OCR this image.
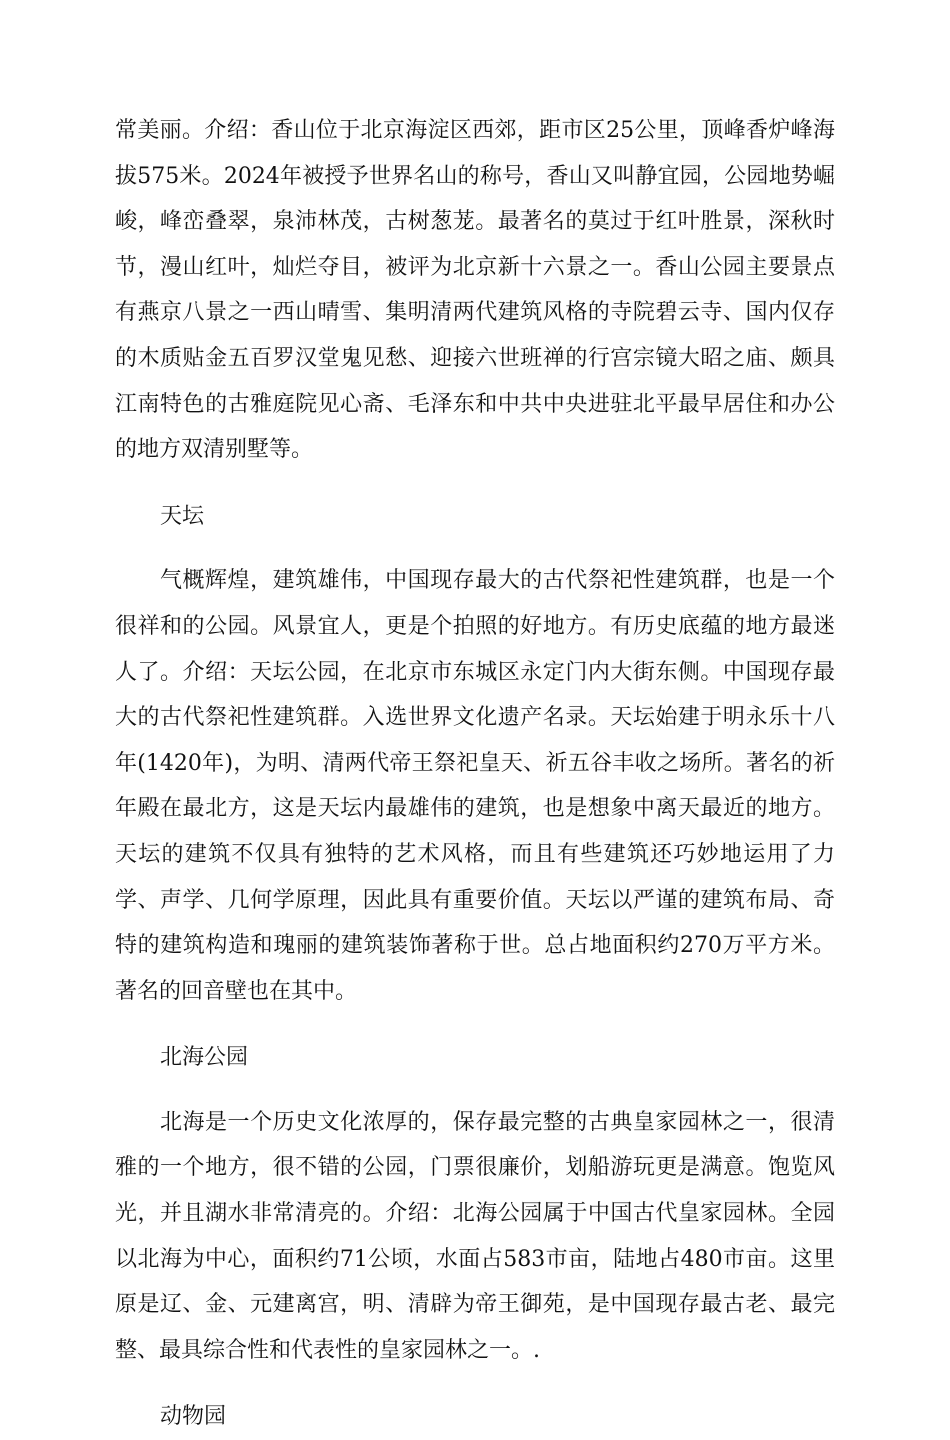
常美丽。介绍：香山位于北京海淀区西郊，距市区25公里，顶峰香炉峰海拔575米。2024年被授予世界名山的称号，香山又叫静宜园，公园地势崛峻，峰峦叠翠，泉沛林茂，古树葱茏。最著名的莫过于红叶胜景，深秋时节，漫山红叶，灿烂夺目，被评为北京新十六景之一。香山公园主要景点有燕京八景之一西山晴雪、集明清两代建筑风格的寺院碧云寺、国内仅存的木质贴金五百罗汉堂鬼见愁、迎接六世班禅的行宫宗镜大昭之庙、颇具江南特色的古雅庭院见心斋、毛泽东和中共中央进驻北平最早居住和办公的地方双清别墅等。

天坛

气概辉煌，建筑雄伟，中国现存最大的古代祭祀性建筑群，也是一个很祥和的公园。风景宜人，更是个拍照的好地方。有历史底蕴的地方最迷人了。介绍：天坛公园，在北京市东城区永定门内大街东侧。中国现存最大的古代祭祀性建筑群。入选世界文化遗产名录。天坛始建于明永乐十八年(1420年)，为明、清两代帝王祭祀皇天、祈五谷丰收之场所。著名的祈年殿在最北方，这是天坛内最雄伟的建筑，也是想象中离天最近的地方。天坛的建筑不仅具有独特的艺术风格，而且有些建筑还巧妙地运用了力学、声学、几何学原理，因此具有重要价值。天坛以严谨的建筑布局、奇特的建筑构造和瑰丽的建筑装饰著称于世。总占地面积约270万平方米。著名的回音壁也在其中。

北海公园

北海是一个历史文化浓厚的，保存最完整的古典皇家园林之一，很清雅的一个地方，很不错的公园，门票很廉价，划船游玩更是满意。饱览风光，并且湖水非常清亮的。介绍：北海公园属于中国古代皇家园林。全园以北海为中心，面积约71公顷，水面占583市亩，陆地占480市亩。这里原是辽、金、元建离宫，明、清辟为帝王御苑，是中国现存最古老、最完整、最具综合性和代表性的皇家园林之一。.

动物园
